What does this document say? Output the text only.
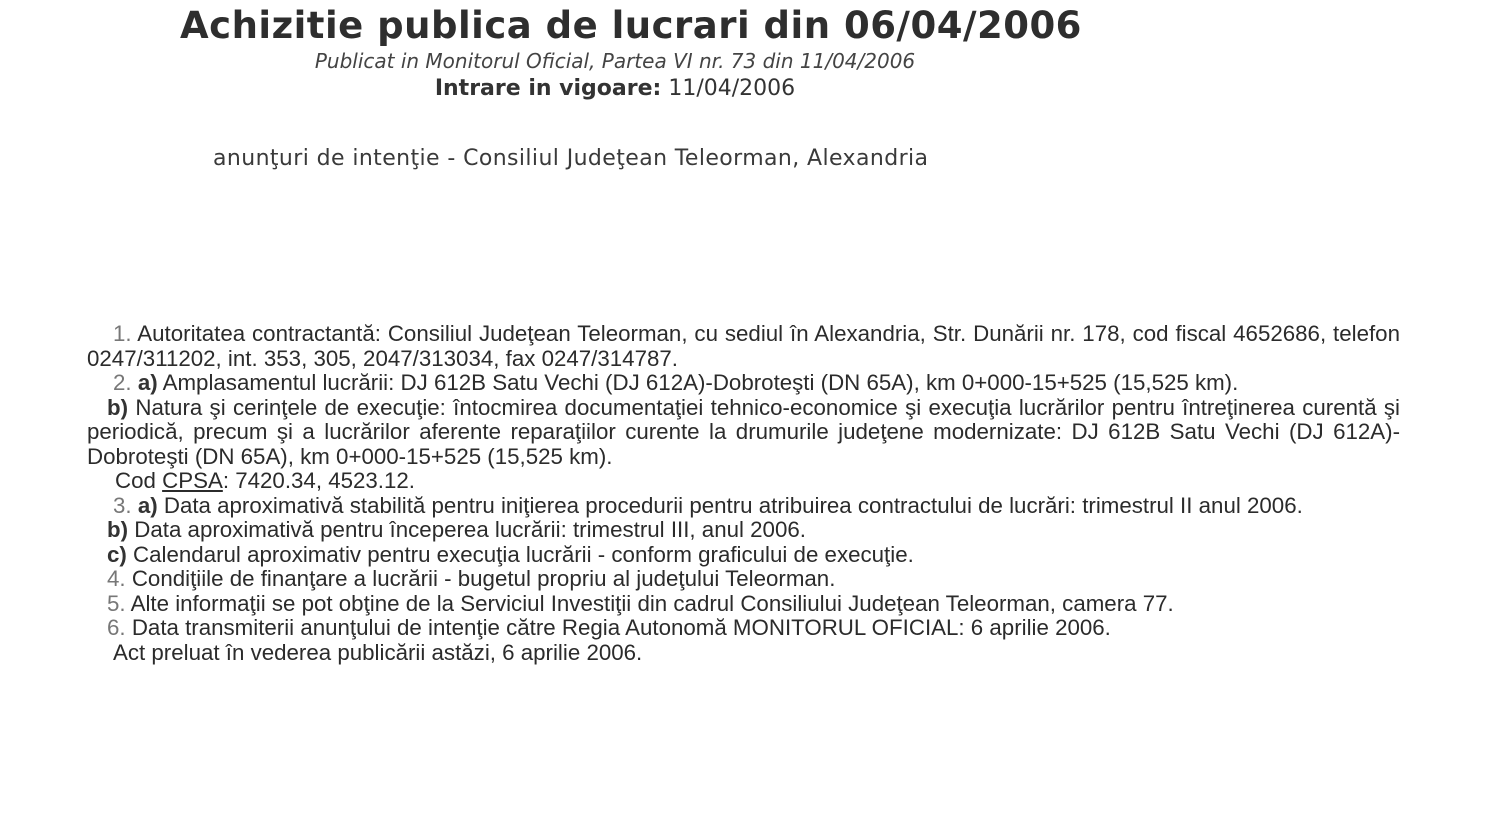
Achizitie publica de lucrari din 06/04/2006
Publicat in Monitorul Oficial, Partea VI nr. 73 din 11/04/2006
Intrare in vigoare: 11/04/2006
anunţuri de intenţie - Consiliul Judeţean Teleorman, Alexandria

1. Autoritatea contractantă: Consiliul Judeţean Teleorman, cu sediul în Alexandria, Str. Dunării nr. 178, cod fiscal 4652686, telefon 0247/311202, int. 353, 305, 2047/313034, fax 0247/314787.

2. a) Amplasamentul lucrării: DJ 612B Satu Vechi (DJ 612A)-Dobroteşti (DN 65A), km 0+000-15+525 (15,525 km).

b) Natura şi cerinţele de execuţie: întocmirea documentaţiei tehnico-economice şi execuţia lucrărilor pentru întreţinerea curentă şi periodică, precum şi a lucrărilor aferente reparaţiilor curente la drumurile judeţene modernizate: DJ 612B Satu Vechi (DJ 612A)-Dobroteşti (DN 65A), km 0+000-15+525 (15,525 km).

Cod CPSA: 7420.34, 4523.12.

3. a) Data aproximativă stabilită pentru iniţierea procedurii pentru atribuirea contractului de lucrări: trimestrul II anul 2006.

b) Data aproximativă pentru începerea lucrării: trimestrul III, anul 2006.

c) Calendarul aproximativ pentru execuţia lucrării - conform graficului de execuţie.

4. Condiţiile de finanţare a lucrării - bugetul propriu al judeţului Teleorman.

5. Alte informaţii se pot obţine de la Serviciul Investiţii din cadrul Consiliului Judeţean Teleorman, camera 77.

6. Data transmiterii anunţului de intenţie către Regia Autonomă MONITORUL OFICIAL: 6 aprilie 2006.

Act preluat în vederea publicării astăzi, 6 aprilie 2006.
